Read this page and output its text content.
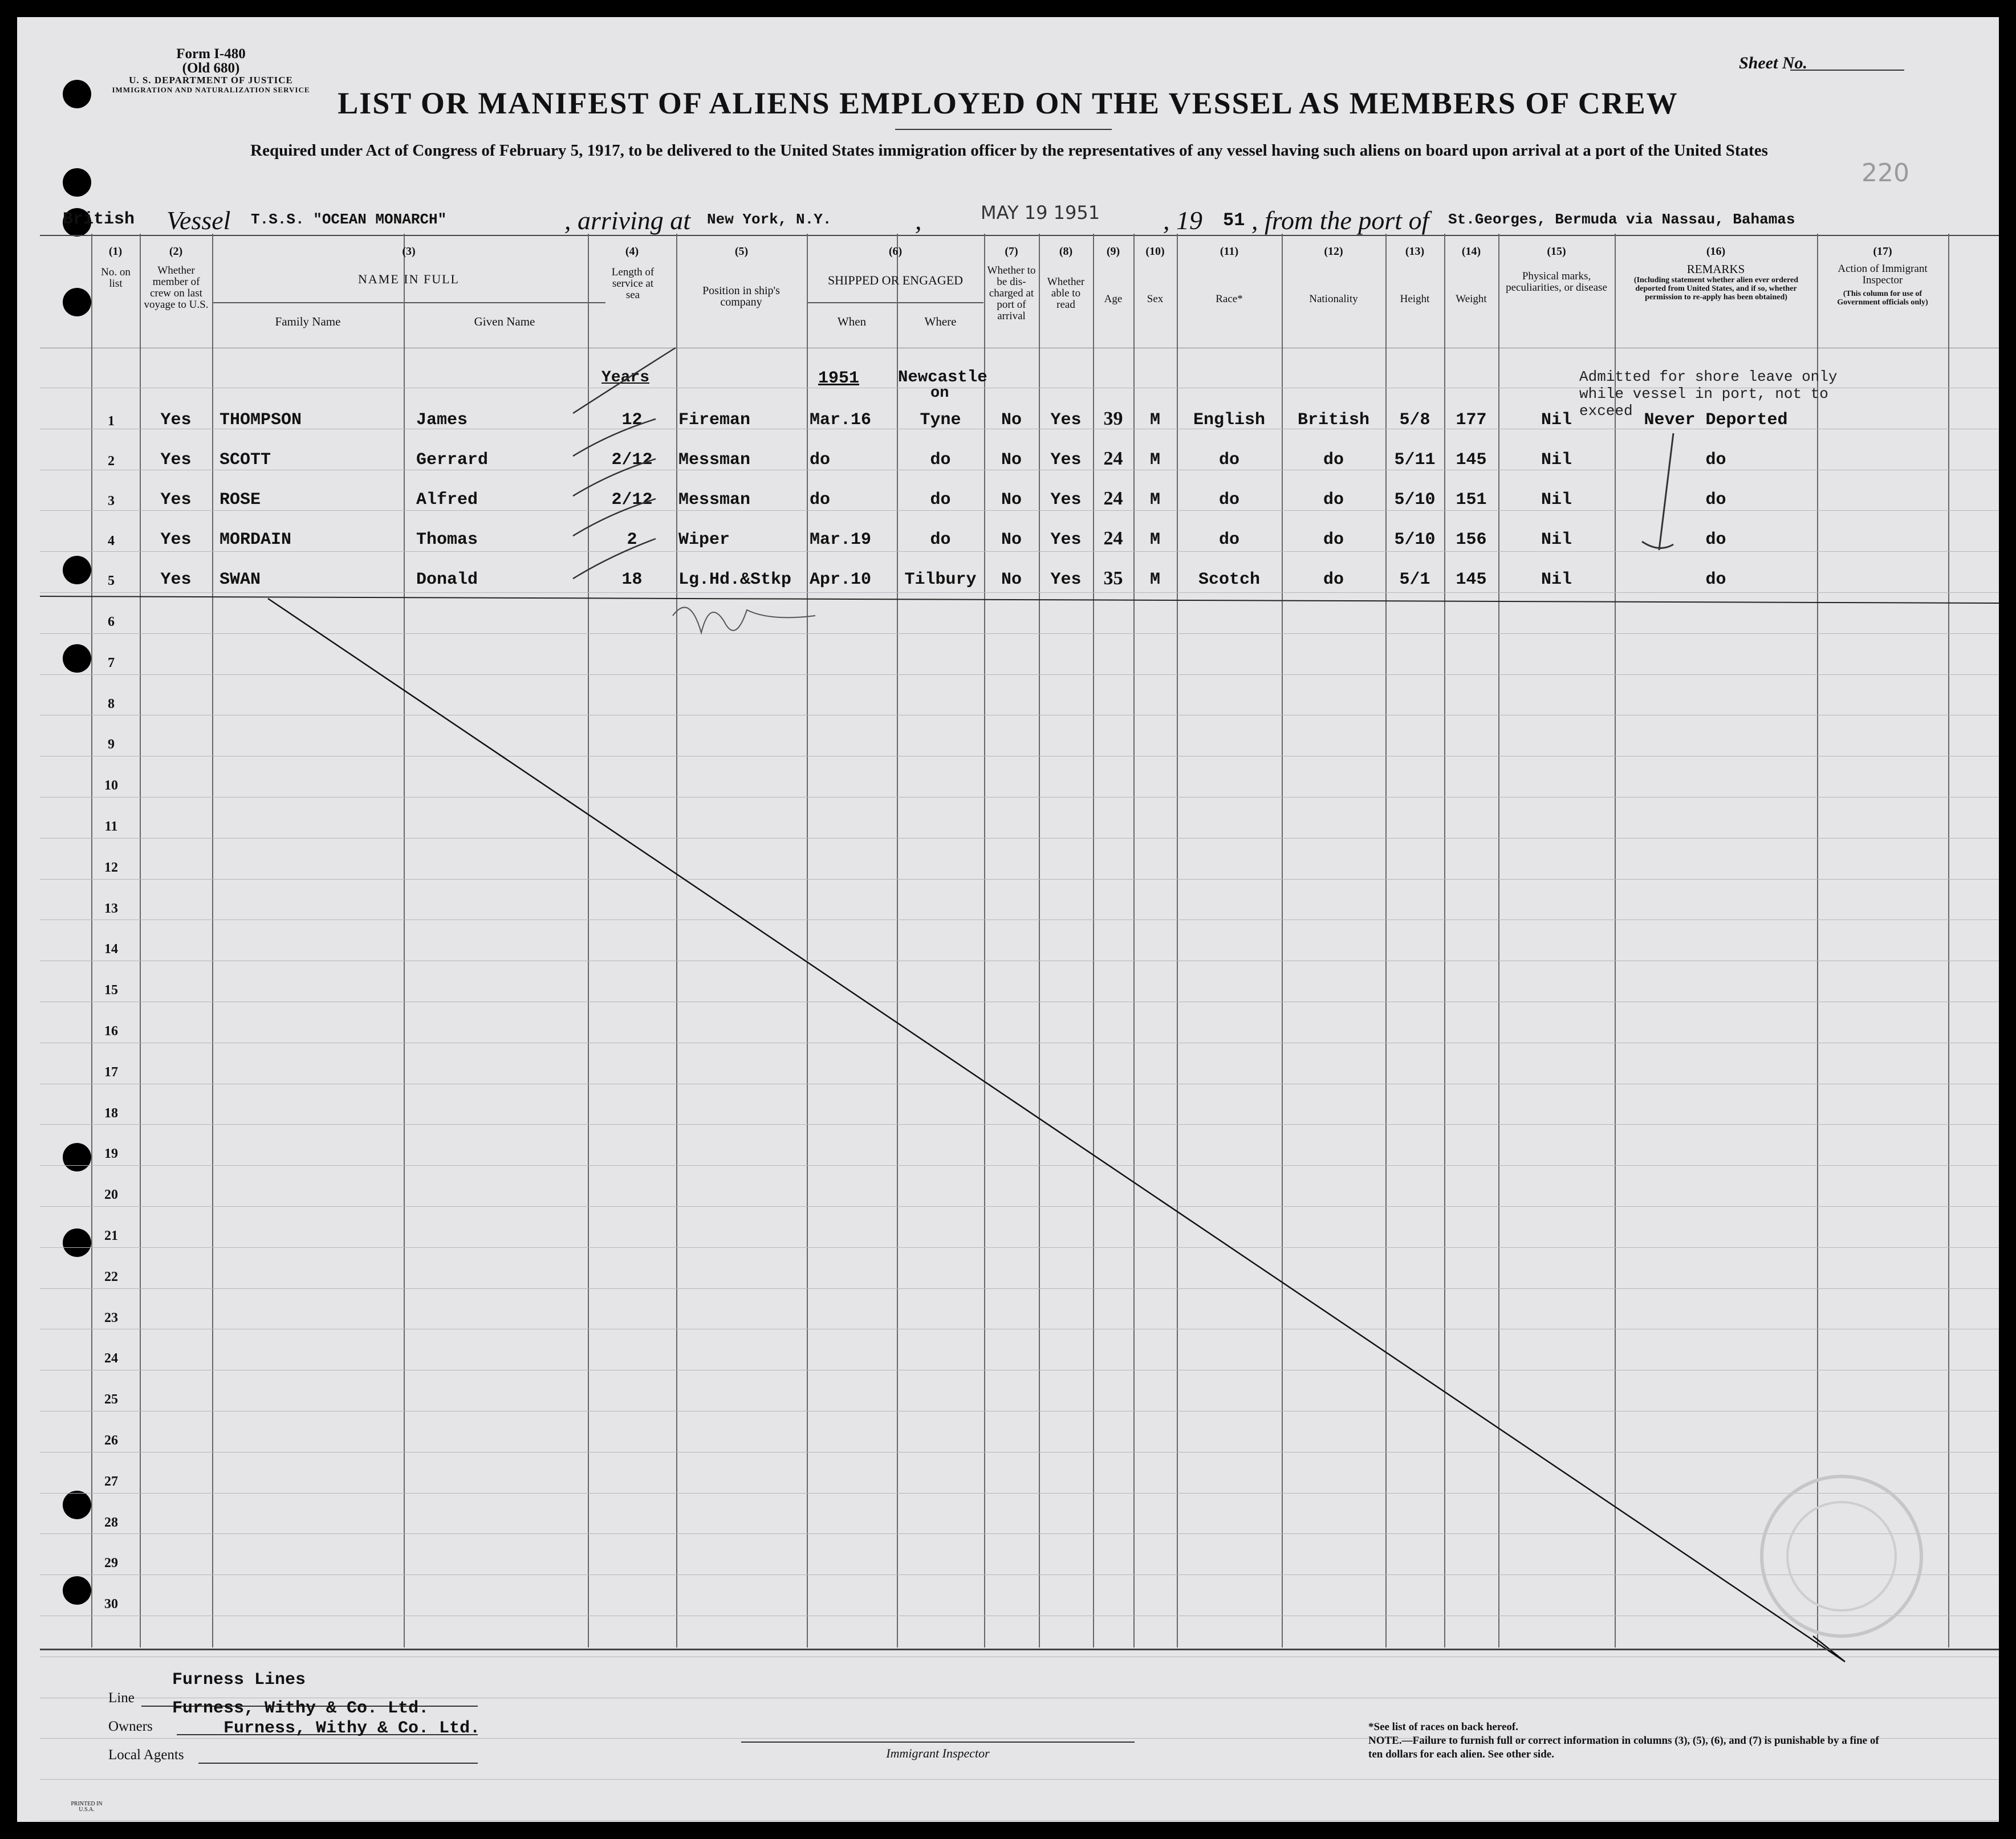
Form I-480
(Old 680)
U. S. DEPARTMENT OF JUSTICE
IMMIGRATION AND NATURALIZATION SERVICE
Sheet No.
LIST OR MANIFEST OF ALIENS EMPLOYED ON THE VESSEL AS MEMBERS OF CREW
Required under Act of Congress of February 5, 1917, to be delivered to the United States immigration officer by the representatives of any vessel having such aliens on board upon arrival at a port of the United States
220
British Vessel T.S.S. "OCEAN MONARCH"	, arriving at New York, N.Y.	,	MAY 19 1951 , 19 51 , from the port of St.Georges, Bermuda via Nassau, Bahamas
(1)
No. on list
(2)
Whether member of crew on last voyage to U.S.
(3)
NAME IN FULL
Family Name	Given Name
(4)
Length of service at sea
(5)
Position in ship's company
(6)
SHIPPED OR ENGAGED
When	Where
(7)
Whether to be dis-charged at port of arrival
(8)
Whether able to read
(9)
Age
(10)
Sex
(11)
Race*
(12)
Nationality
(13)
Height
(14)
Weight
(15)
Physical marks, peculiarities, or disease
(16)
REMARKS
(Including statement whether alien ever ordered deported from United States, and if so, whether permission to re-apply has been obtained)
(17)
Action of Immigrant Inspector
(This column for use of Government officials only)
Years	1951 Newcastle
on
Admitted for shore leave only while vessel in port, not to exceed
1	Yes	THOMPSON	James	12	Fireman	Mar.16	Tyne	No	Yes	39	M	English	British	5/8	177	Nil	Never Deported
2	Yes	SCOTT	Gerrard	2/12	Messman	do	do	No	Yes	24	M	do	do	5/11	145	Nil	do
3	Yes	ROSE	Alfred	2/12	Messman	do	do	No	Yes	24	M	do	do	5/10	151	Nil	do
4	Yes	MORDAIN	Thomas	2	Wiper	Mar.19	do	No	Yes	24	M	do	do	5/10	156	Nil	do
5	Yes	SWAN	Donald	18	Lg.Hd.&Stkp Apr.10	Tilbury	No	Yes	35	M	Scotch	do	5/1	145	Nil	do
6
7
8
9
10
11
12
13
14
15
16
17
18
19
20
21
22
23
24
25
26
27
28
29
30
Line
Owners
Local Agents
Furness Lines
Furness, Withy & Co. Ltd.
Furness, Withy & Co. Ltd.
Immigrant Inspector
*See list of races on back hereof.
NOTE.—Failure to furnish full or correct information in columns (3), (5), (6), and (7) is punishable by a fine of ten dollars for each alien. See other side.
PRINTED IN U.S.A.
